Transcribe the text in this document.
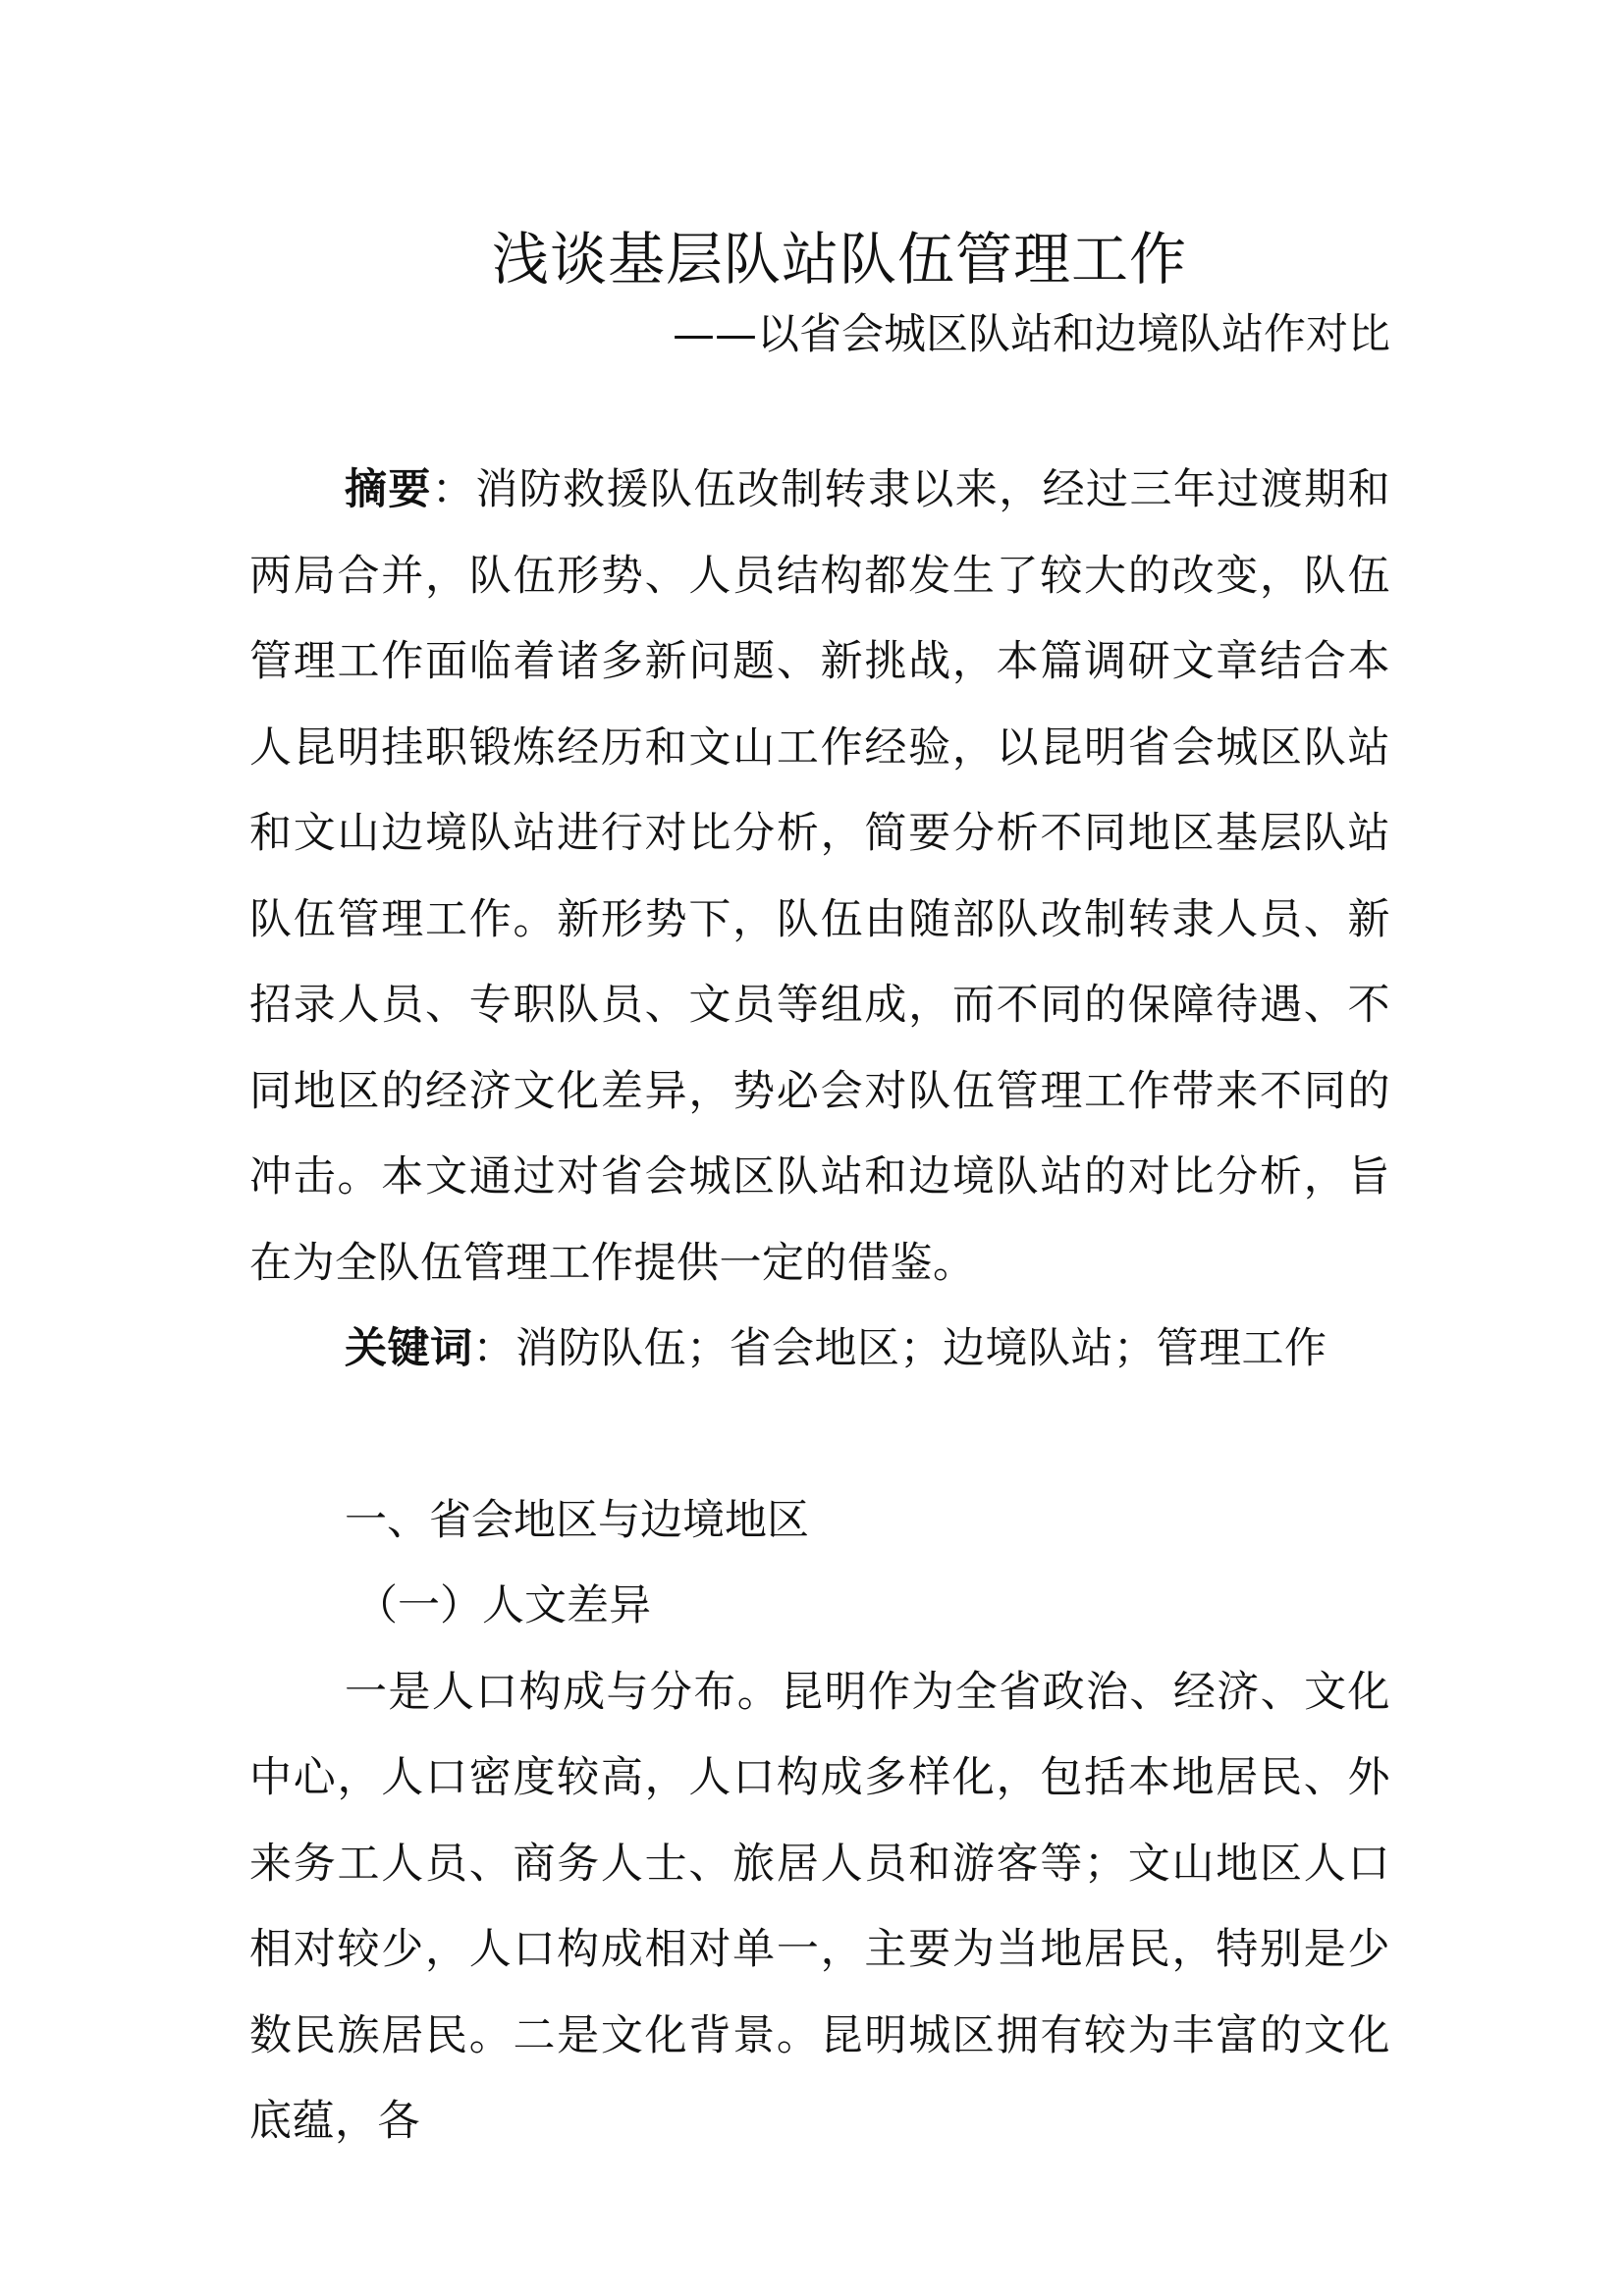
浅谈基层队站队伍管理工作

——以省会城区队站和边境队站作对比

摘要：消防救援队伍改制转隶以来，经过三年过渡期和两局合并，队伍形势、人员结构都发生了较大的改变，队伍管理工作面临着诸多新问题、新挑战，本篇调研文章结合本人昆明挂职锻炼经历和文山工作经验，以昆明省会城区队站和文山边境队站进行对比分析，简要分析不同地区基层队站队伍管理工作。新形势下，队伍由随部队改制转隶人员、新招录人员、专职队员、文员等组成，而不同的保障待遇、不同地区的经济文化差异，势必会对队伍管理工作带来不同的冲击。本文通过对省会城区队站和边境队站的对比分析，旨在为全队伍管理工作提供一定的借鉴。

关键词：消防队伍；省会地区；边境队站；管理工作

一、省会地区与边境地区

（一）人文差异

一是人口构成与分布。昆明作为全省政治、经济、文化中心，人口密度较高，人口构成多样化，包括本地居民、外来务工人员、商务人士、旅居人员和游客等；文山地区人口相对较少，人口构成相对单一，主要为当地居民，特别是少数民族居民。二是文化背景。昆明城区拥有较为丰富的文化底蕴，各
